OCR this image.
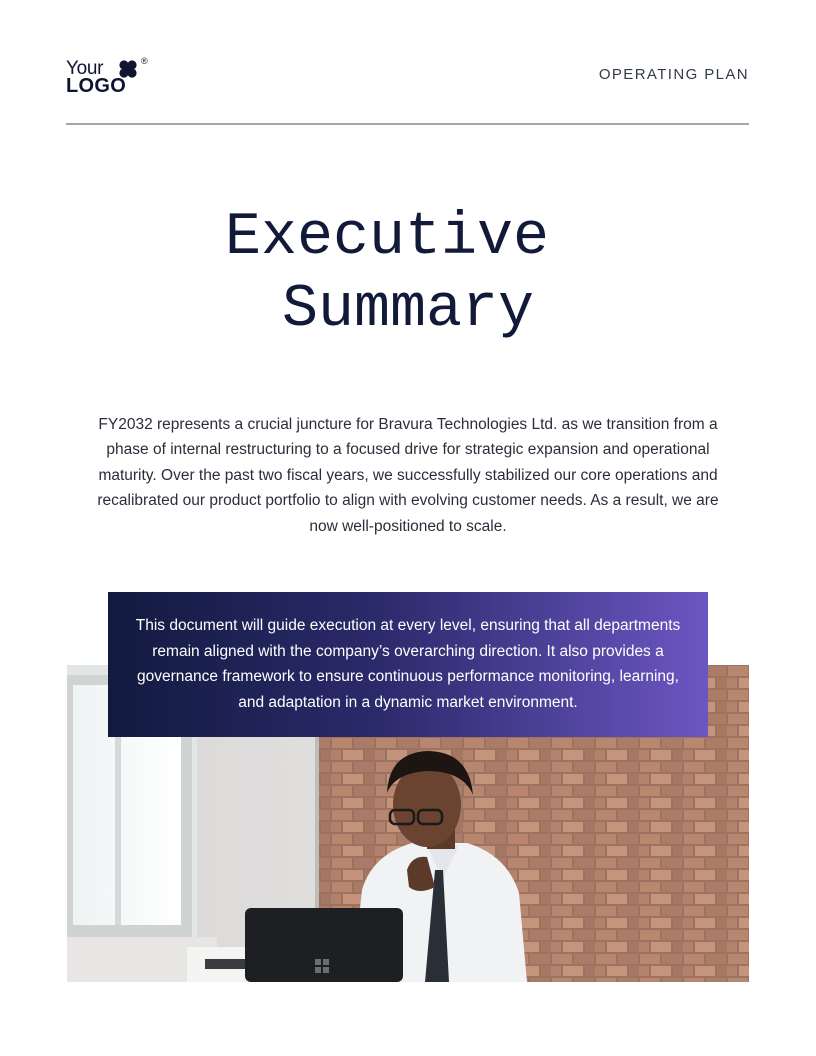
Your	®
LOGO
OPERATING PLAN
Executive
Summary

FY2032 represents a crucial juncture for Bravura Technologies Ltd. as we transition from a phase of internal restructuring to a focused drive for strategic expansion and operational maturity. Over the past two fiscal years, we successfully stabilized our core operations and recalibrated our product portfolio to align with evolving customer needs. As a result, we are now well-positioned to scale.

This document will guide execution at every level, ensuring that all departments remain aligned with the company’s overarching direction. It also provides a governance framework to ensure continuous performance monitoring, learning, and adaptation in a dynamic market environment.
